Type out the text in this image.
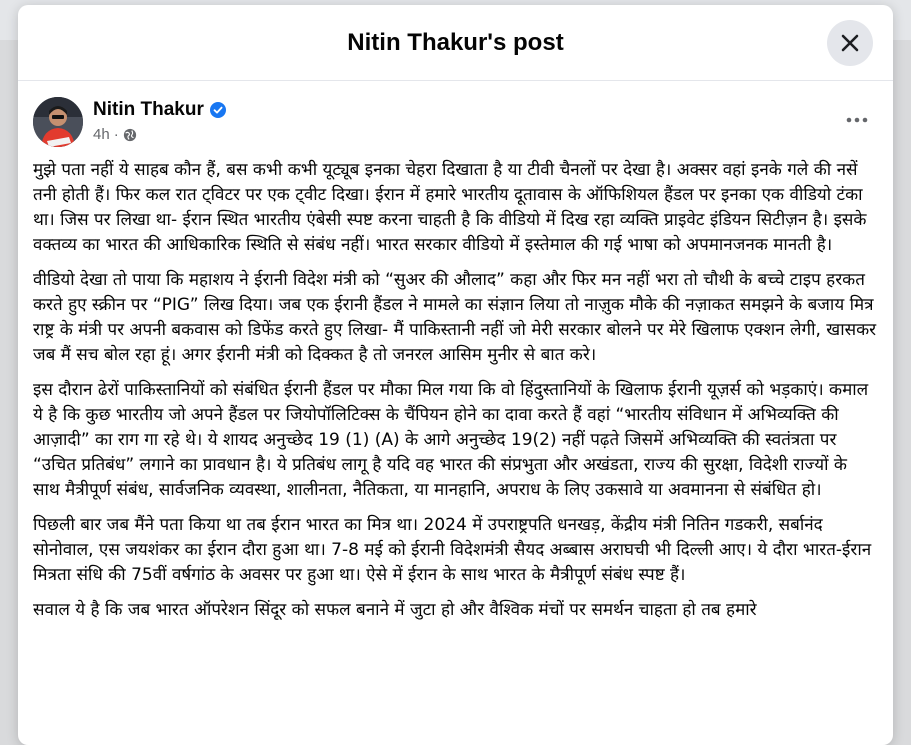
Nitin Thakur's post
Nitin Thakur
4h ·

मुझे पता नहीं ये साहब कौन हैं, बस कभी कभी यूट्यूब इनका चेहरा दिखाता है या टीवी चैनलों पर देखा है। अक्सर वहां इनके गले की नसें तनी होती हैं। फिर कल रात ट्विटर पर एक ट्वीट दिखा। ईरान में हमारे भारतीय दूतावास के ऑफिशियल हैंडल पर इनका एक वीडियो टंका था। जिस पर लिखा था- ईरान स्थित भारतीय एंबेसी स्पष्ट करना चाहती है कि वीडियो में दिख रहा व्यक्ति प्राइवेट इंडियन सिटीज़न है। इसके वक्तव्य का भारत की आधिकारिक स्थिति से संबंध नहीं। भारत सरकार वीडियो में इस्तेमाल की गई भाषा को अपमानजनक मानती है।

वीडियो देखा तो पाया कि महाशय ने ईरानी विदेश मंत्री को “सुअर की औलाद” कहा और फिर मन नहीं भरा तो चौथी के बच्चे टाइप हरकत करते हुए स्क्रीन पर “PIG” लिख दिया। जब एक ईरानी हैंडल ने मामले का संज्ञान लिया तो नाज़ुक मौके की नज़ाकत समझने के बजाय मित्र राष्ट्र के मंत्री पर अपनी बकवास को डिफेंड करते हुए लिखा- मैं पाकिस्तानी नहीं जो मेरी सरकार बोलने पर मेरे खिलाफ एक्शन लेगी, खासकर जब मैं सच बोल रहा हूं। अगर ईरानी मंत्री को दिक्कत है तो जनरल आसिम मुनीर से बात करे।

इस दौरान ढेरों पाकिस्तानियों को संबंधित ईरानी हैंडल पर मौका मिल गया कि वो हिंदुस्तानियों के खिलाफ ईरानी यूज़र्स को भड़काएं। कमाल ये है कि कुछ भारतीय जो अपने हैंडल पर जियोपॉलिटिक्स के चैंपियन होने का दावा करते हैं वहां “भारतीय संविधान में अभिव्यक्ति की आज़ादी” का राग गा रहे थे। ये शायद अनुच्छेद 19 (1) (A) के आगे अनुच्छेद 19(2) नहीं पढ़ते जिसमें अभिव्यक्ति की स्वतंत्रता पर “उचित प्रतिबंध” लगाने का प्रावधान है। ये प्रतिबंध लागू है यदि वह भारत की संप्रभुता और अखंडता, राज्य की सुरक्षा, विदेशी राज्यों के साथ मैत्रीपूर्ण संबंध, सार्वजनिक व्यवस्था, शालीनता, नैतिकता, या मानहानि, अपराध के लिए उकसावे या अवमानना से संबंधित हो।

पिछली बार जब मैंने पता किया था तब ईरान भारत का मित्र था। 2024 में उपराष्ट्रपति धनखड़, केंद्रीय मंत्री नितिन गडकरी, सर्बानंद सोनोवाल, एस जयशंकर का ईरान दौरा हुआ था। 7-8 मई को ईरानी विदेशमंत्री सैयद अब्बास अराघची भी दिल्ली आए। ये दौरा भारत-ईरान मित्रता संधि की 75वीं वर्षगांठ के अवसर पर हुआ था। ऐसे में ईरान के साथ भारत के मैत्रीपूर्ण संबंध स्पष्ट हैं।

सवाल ये है कि जब भारत ऑपरेशन सिंदूर को सफल बनाने में जुटा हो और वैश्विक मंचों पर समर्थन चाहता हो तब हमारे
